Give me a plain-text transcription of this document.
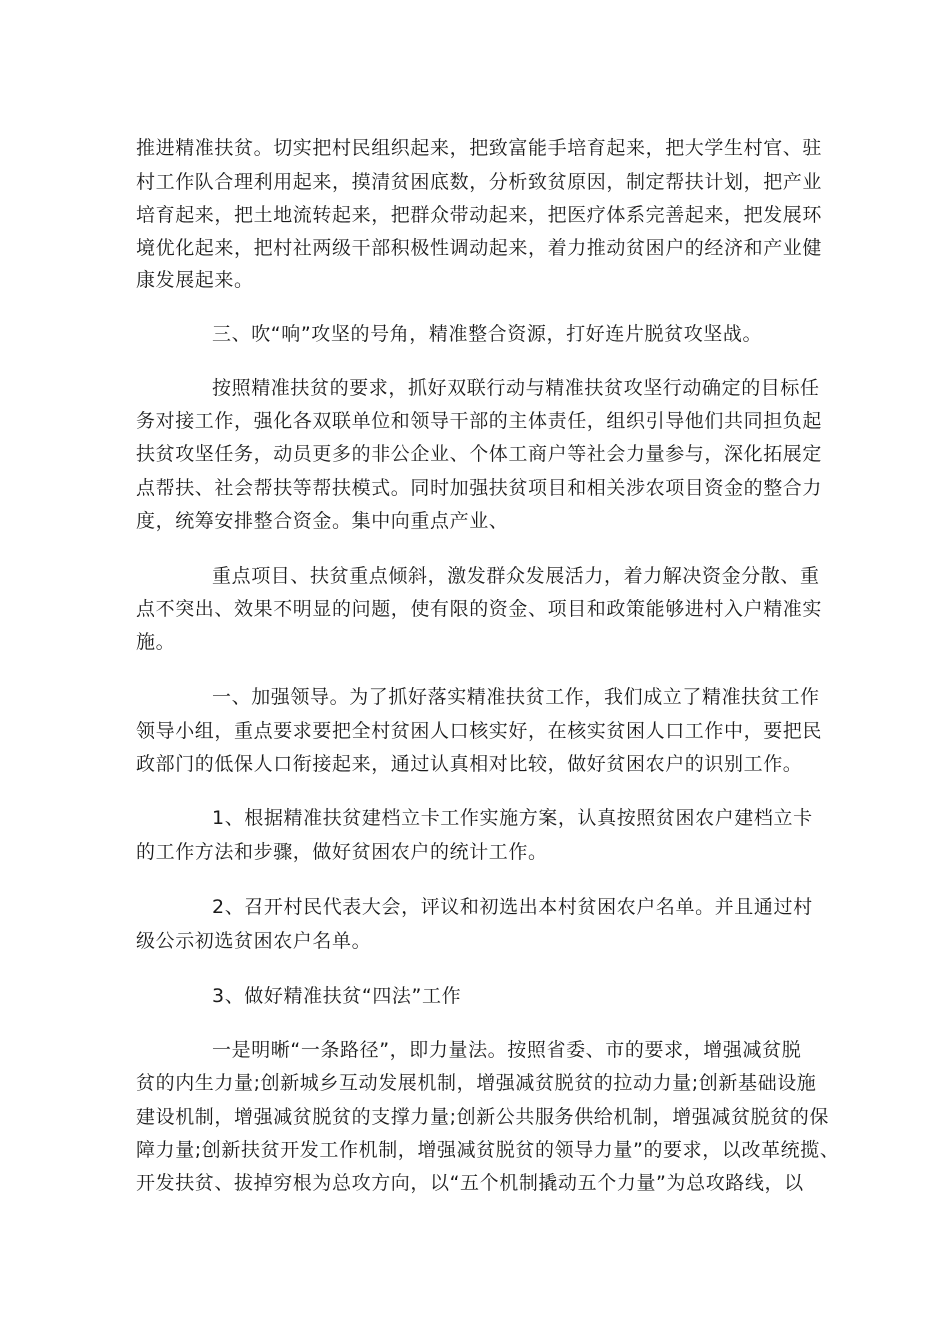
推进精准扶贫。切实把村民组织起来，把致富能手培育起来，把大学生村官、驻
村工作队合理利用起来，摸清贫困底数，分析致贫原因，制定帮扶计划，把产业
培育起来，把土地流转起来，把群众带动起来，把医疗体系完善起来，把发展环
境优化起来，把村社两级干部积极性调动起来，着力推动贫困户的经济和产业健
康发展起来。
三、吹“响”攻坚的号角，精准整合资源，打好连片脱贫攻坚战。
按照精准扶贫的要求，抓好双联行动与精准扶贫攻坚行动确定的目标任
务对接工作，强化各双联单位和领导干部的主体责任，组织引导他们共同担负起
扶贫攻坚任务，动员更多的非公企业、个体工商户等社会力量参与，深化拓展定
点帮扶、社会帮扶等帮扶模式。同时加强扶贫项目和相关涉农项目资金的整合力
度，统筹安排整合资金。集中向重点产业、
重点项目、扶贫重点倾斜，激发群众发展活力，着力解决资金分散、重
点不突出、效果不明显的问题，使有限的资金、项目和政策能够进村入户精准实
施。
一、加强领导。为了抓好落实精准扶贫工作，我们成立了精准扶贫工作
领导小组，重点要求要把全村贫困人口核实好，在核实贫困人口工作中，要把民
政部门的低保人口衔接起来，通过认真相对比较，做好贫困农户的识别工作。
1、根据精准扶贫建档立卡工作实施方案，认真按照贫困农户建档立卡
的工作方法和步骤，做好贫困农户的统计工作。
2、召开村民代表大会，评议和初选出本村贫困农户名单。并且通过村
级公示初选贫困农户名单。
3、做好精准扶贫“四法”工作
一是明晰“一条路径”，即力量法。按照省委、市的要求，增强减贫脱
贫的内生力量;创新城乡互动发展机制，增强减贫脱贫的拉动力量;创新基础设施
建设机制，增强减贫脱贫的支撑力量;创新公共服务供给机制，增强减贫脱贫的保
障力量;创新扶贫开发工作机制，增强减贫脱贫的领导力量”的要求，以改革统揽、
开发扶贫、拔掉穷根为总攻方向，以“五个机制撬动五个力量”为总攻路线，以
